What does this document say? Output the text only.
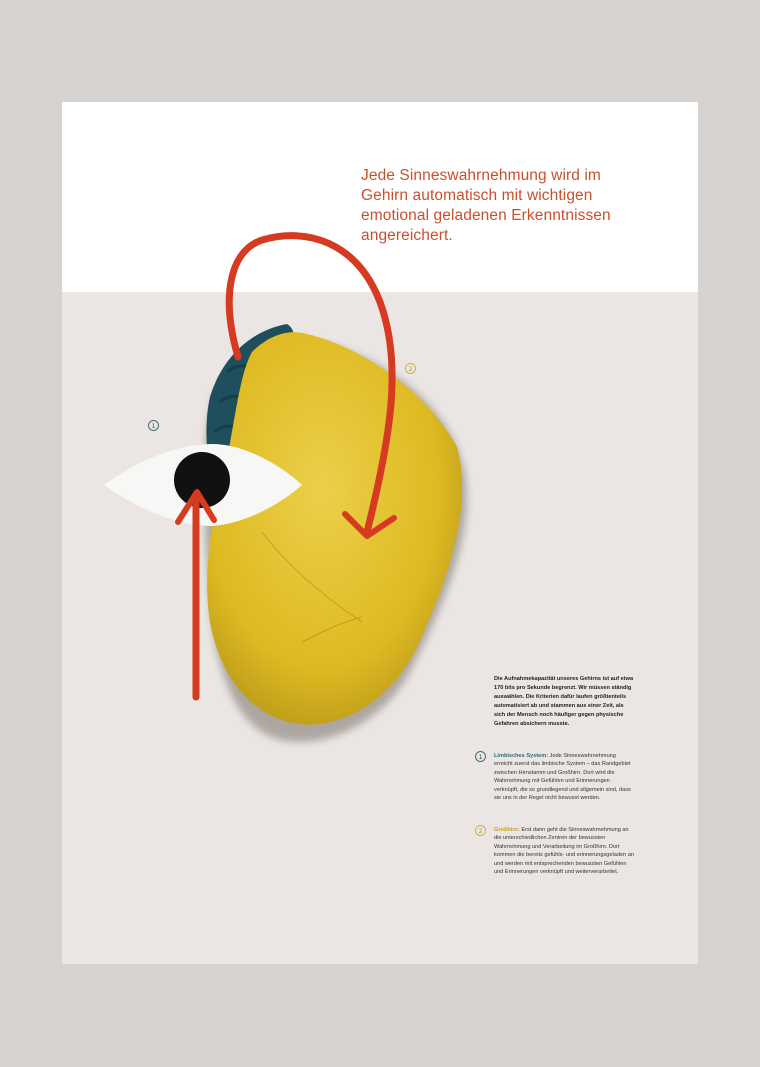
Jede Sinneswahrnehmung wird im Gehirn automatisch mit wichtigen emotional geladenen Erkenntnissen angereichert.
1
2

Die Aufnahmekapazität unseres Gehirns ist auf etwa 170 bits pro Sekunde begrenzt. Wir müssen ständig auswählen. Die Kriterien dafür laufen größtenteils automatisiert ab und stammen aus einer Zeit, als sich der Mensch noch häufiger gegen physische Gefahren absichern musste.

1	Limbisches System: Jede Sinneswahrnehmung erreicht zuerst das limbische System – das Randgebiet zwischen Hirnstamm und Großhirn. Dort wird die Wahrnehmung mit Gefühlen und Erinnerungen verknüpft, die so grundlegend und allgemein sind, dass sie uns in der Regel nicht bewusst werden.

2	Großhirn: Erst dann geht die Sinneswahrnehmung an die unterschiedlichen Zentren der bewussten Wahrnehmung und Verarbeitung im Großhirn. Dort kommen die bereits gefühls- und erinnerungsgeladen an und werden mit entsprechenden bewussten Gefühlen und Erinnerungen verknüpft und weiterverarbeitet.
